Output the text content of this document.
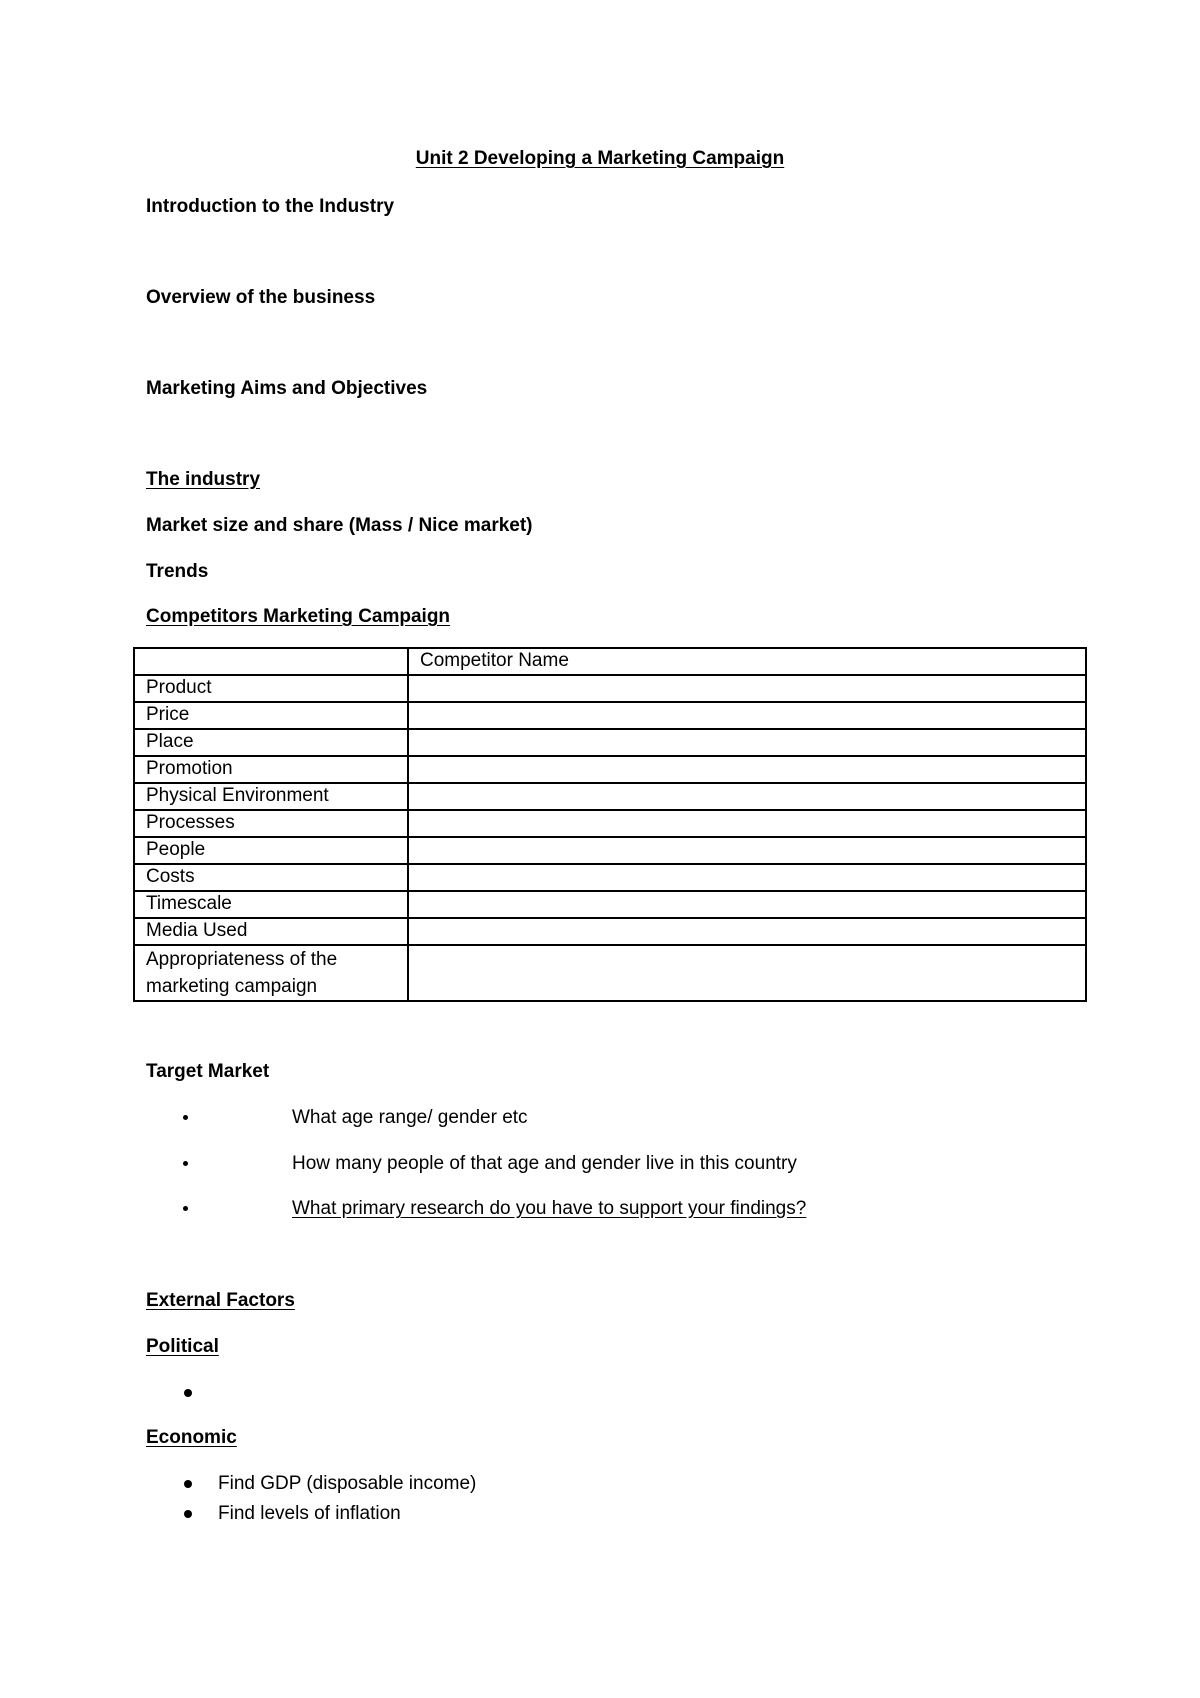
Unit 2 Developing a Marketing Campaign
Introduction to the Industry
Overview of the business
Marketing Aims and Objectives
The industry
Market size and share (Mass / Nice market)
Trends
Competitors Marketing Campaign
	Competitor Name
Product	
Price	
Place	
Promotion	
Physical Environment	
Processes	
People	
Costs	
Timescale	
Media Used	
Appropriateness of the
marketing campaign	
Target Market
What age range/ gender etc
How many people of that age and gender live in this country
What primary research do you have to support your findings?
External Factors
Political
Economic
Find GDP (disposable income)
Find levels of inflation
